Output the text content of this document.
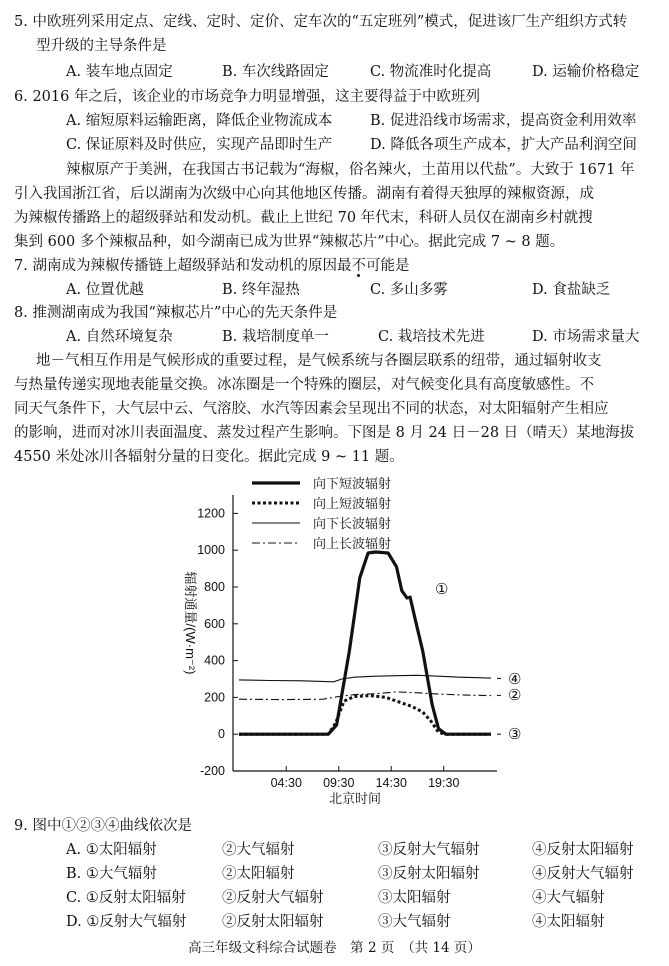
5. 中欧班列采用定点、定线、定时、定价、定车次的“五定班列”模式，促进该厂生产组织方式转
型升级的主导条件是
A. 装车地点固定	B. 车次线路固定	C. 物流准时化提高	D. 运输价格稳定
6. 2016 年之后，该企业的市场竞争力明显增强，这主要得益于中欧班列
A. 缩短原料运输距离，降低企业物流成本	B. 促进沿线市场需求，提高资金利用效率
C. 保证原料及时供应，实现产品即时生产	D. 降低各项生产成本，扩大产品利润空间
辣椒原产于美洲，在我国古书记载为“海椒，俗名辣火，土苗用以代盐”。大致于 1671 年
引入我国浙江省，后以湖南为次级中心向其他地区传播。湖南有着得天独厚的辣椒资源，成
为辣椒传播路上的超级驿站和发动机。截止上世纪 70 年代末，科研人员仅在湖南乡村就搜
集到 600 多个辣椒品种，如今湖南已成为世界“辣椒芯片”中心。据此完成 7 ~ 8 题。
7. 湖南成为辣椒传播链上超级驿站和发动机的原因最不可能是
A. 位置优越	B. 终年湿热	C. 多山多雾	D. 食盐缺乏
8. 推测湖南成为我国“辣椒芯片”中心的先天条件是
A. 自然环境复杂	B. 栽培制度单一	C. 栽培技术先进	D. 市场需求量大
地－气相互作用是气候形成的重要过程，是气候系统与各圈层联系的纽带，通过辐射收支
与热量传递实现地表能量交换。冰冻圈是一个特殊的圈层，对气候变化具有高度敏感性。不
同天气条件下，大气层中云、气溶胶、水汽等因素会呈现出不同的状态，对太阳辐射产生相应
的影响，进而对冰川表面温度、蒸发过程产生影响。下图是 8 月 24 日－28 日（晴天）某地海拔
4550 米处冰川各辐射分量的日变化。据此完成 9 ~ 11 题。
向下短波辐射
向上短波辐射
向下长波辐射
向上长波辐射
1200
1000
800
600
400
200
0
-200
04:30 09:30 14:30 19:30
北京时间
辐射通量/(W·m⁻²)	①
④
②
③
9. 图中①②③④曲线依次是
A. ①太阳辐射	②大气辐射	③反射大气辐射	④反射太阳辐射
B. ①大气辐射	②太阳辐射	③反射太阳辐射	④反射大气辐射
C. ①反射太阳辐射 ②反射大气辐射	③太阳辐射	④大气辐射
D. ①反射大气辐射 ②反射太阳辐射	③大气辐射	④太阳辐射
高三年级文科综合试题卷　第 2 页　（共 14 页）
